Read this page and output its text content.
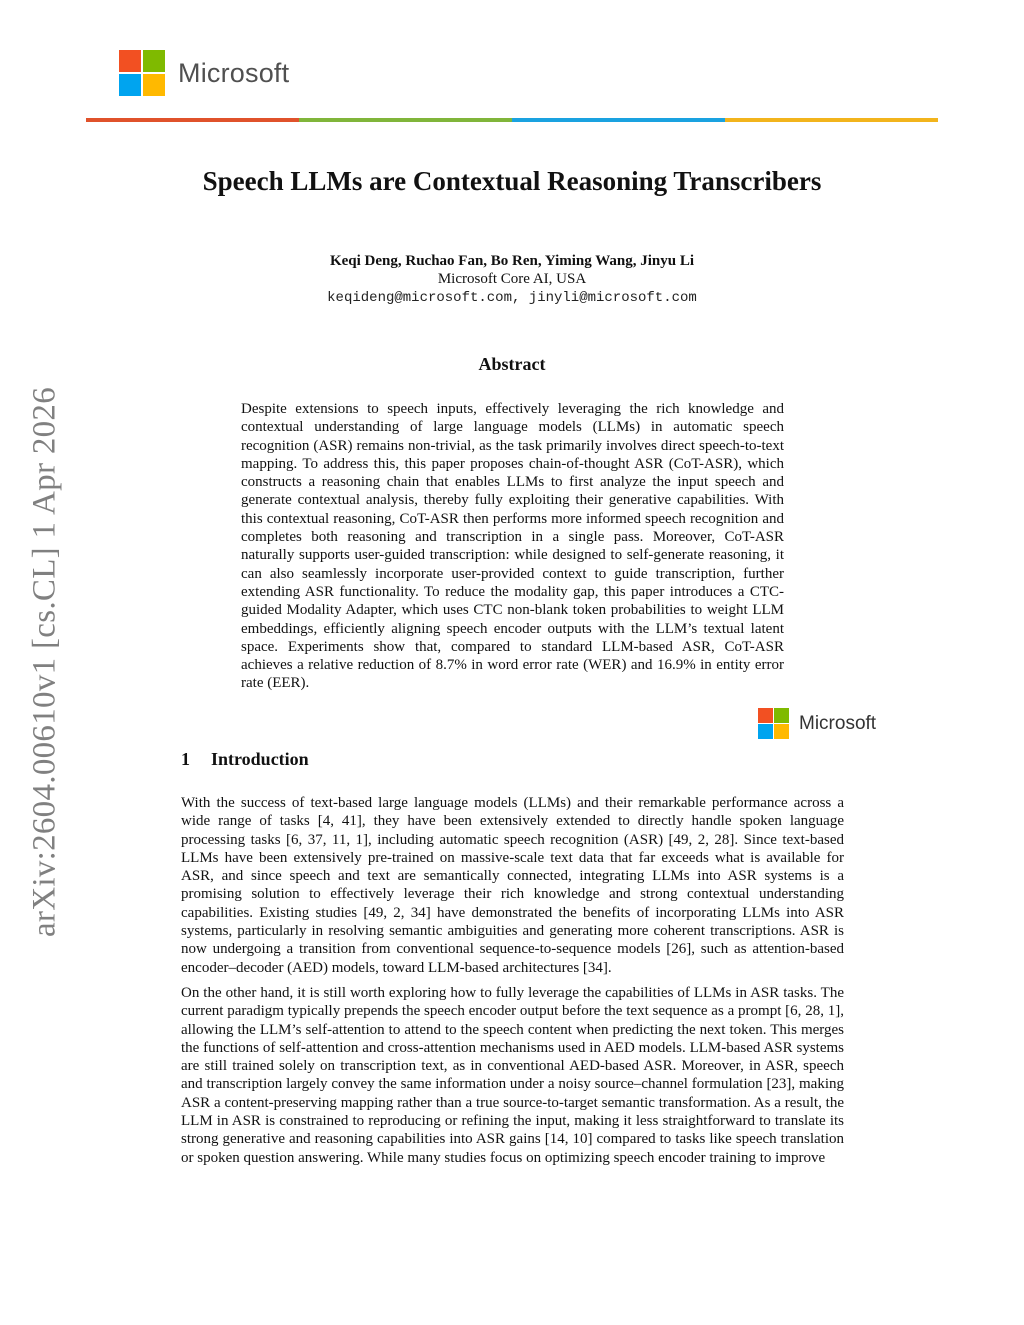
Microsoft
arXiv:2604.00610v1 [cs.CL] 1 Apr 2026
Speech LLMs are Contextual Reasoning Transcribers
Keqi Deng, Ruchao Fan, Bo Ren, Yiming Wang, Jinyu Li
Microsoft Core AI, USA
keqideng@microsoft.com, jinyli@microsoft.com
Abstract
Despite extensions to speech inputs, effectively leveraging the rich knowledge and contextual understanding of large language models (LLMs) in automatic speech recognition (ASR) remains non-trivial, as the task primarily involves direct speech-to-text mapping. To address this, this paper proposes chain-of-thought ASR (CoT-ASR), which constructs a reasoning chain that enables LLMs to first analyze the input speech and generate contextual analysis, thereby fully exploiting their generative capabilities. With this contextual reasoning, CoT-ASR then performs more informed speech recognition and completes both reasoning and transcription in a single pass. Moreover, CoT-ASR naturally supports user-guided transcription: while designed to self-generate reasoning, it can also seamlessly incorporate user-provided context to guide transcription, further extending ASR functionality. To reduce the modality gap, this paper introduces a CTC-guided Modality Adapter, which uses CTC non-blank token probabilities to weight LLM embeddings, efficiently aligning speech encoder outputs with the LLM’s textual latent space. Experiments show that, compared to standard LLM-based ASR, CoT-ASR achieves a relative reduction of 8.7% in word error rate (WER) and 16.9% in entity error rate (EER).
Microsoft
1	Introduction

With the success of text-based large language models (LLMs) and their remarkable performance across a wide range of tasks [4, 41], they have been extensively extended to directly handle spoken language processing tasks [6, 37, 11, 1], including automatic speech recognition (ASR) [49, 2, 28]. Since text-based LLMs have been extensively pre-trained on massive-scale text data that far exceeds what is available for ASR, and since speech and text are semantically connected, integrating LLMs into ASR systems is a promising solution to effectively leverage their rich knowledge and strong contextual understanding capabilities. Existing studies [49, 2, 34] have demonstrated the benefits of incorporating LLMs into ASR systems, particularly in resolving semantic ambiguities and generating more coherent transcriptions. ASR is now undergoing a transition from conventional sequence-to-sequence models [26], such as attention-based encoder–decoder (AED) models, toward LLM-based architectures [34].

On the other hand, it is still worth exploring how to fully leverage the capabilities of LLMs in ASR tasks. The current paradigm typically prepends the speech encoder output before the text sequence as a prompt [6, 28, 1], allowing the LLM’s self-attention to attend to the speech content when predicting the next token. This merges the functions of self-attention and cross-attention mechanisms used in AED models. LLM-based ASR systems are still trained solely on transcription text, as in conventional AED-based ASR. Moreover, in ASR, speech and transcription largely convey the same information under a noisy source–channel formulation [23], making ASR a content-preserving mapping rather than a true source-to-target semantic transformation. As a result, the LLM in ASR is constrained to reproducing or refining the input, making it less straightforward to translate its strong generative and reasoning capabilities into ASR gains [14, 10] compared to tasks like speech translation or spoken question answering. While many studies focus on optimizing speech encoder training to improve
